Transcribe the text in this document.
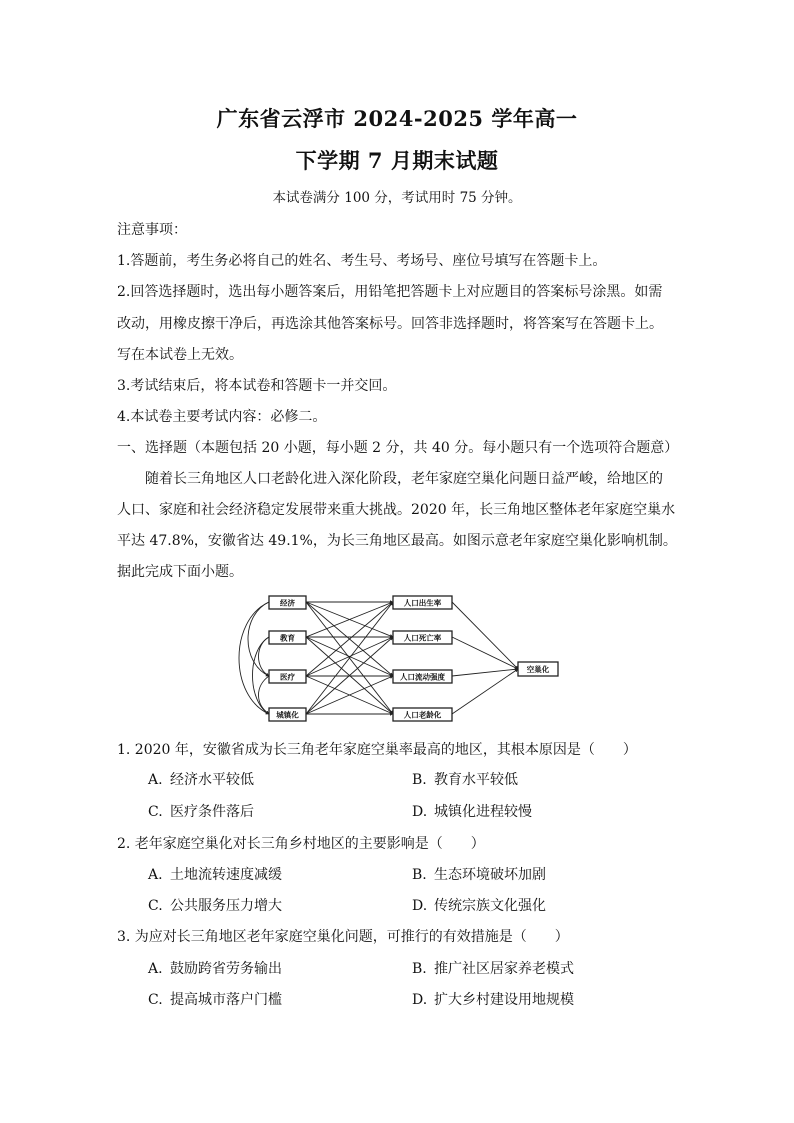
广东省云浮市 2024-2025 学年高一
下学期 7 月期末试题
本试卷满分 100 分，考试用时 75 分钟。
注意事项：
1.答题前，考生务必将自己的姓名、考生号、考场号、座位号填写在答题卡上。
2.回答选择题时，选出每小题答案后，用铅笔把答题卡上对应题目的答案标号涂黑。如需
改动，用橡皮擦干净后，再选涂其他答案标号。回答非选择题时，将答案写在答题卡上。
写在本试卷上无效。
3.考试结束后，将本试卷和答题卡一并交回。
4.本试卷主要考试内容：必修二。
一、选择题（本题包括 20 小题，每小题 2 分，共 40 分。每小题只有一个选项符合题意）
随着长三角地区人口老龄化进入深化阶段，老年家庭空巢化问题日益严峻，给地区的
人口、家庭和社会经济稳定发展带来重大挑战。2020 年，长三角地区整体老年家庭空巢水
平达 47.8%，安徽省达 49.1%，为长三角地区最高。如图示意老年家庭空巢化影响机制。
据此完成下面小题。
经济
教育
医疗
城镇化
人口出生率
人口死亡率
人口流动强度
人口老龄化
空巢化
1. 2020 年，安徽省成为长三角老年家庭空巢率最高的地区，其根本原因是（　　）
A. 经济水平较低	B. 教育水平较低
C. 医疗条件落后	D. 城镇化进程较慢
2. 老年家庭空巢化对长三角乡村地区的主要影响是（　　）
A. 土地流转速度减缓	B. 生态环境破坏加剧
C. 公共服务压力增大	D. 传统宗族文化强化
3. 为应对长三角地区老年家庭空巢化问题，可推行的有效措施是（　　）
A. 鼓励跨省劳务输出	B. 推广社区居家养老模式
C. 提高城市落户门槛	D. 扩大乡村建设用地规模
